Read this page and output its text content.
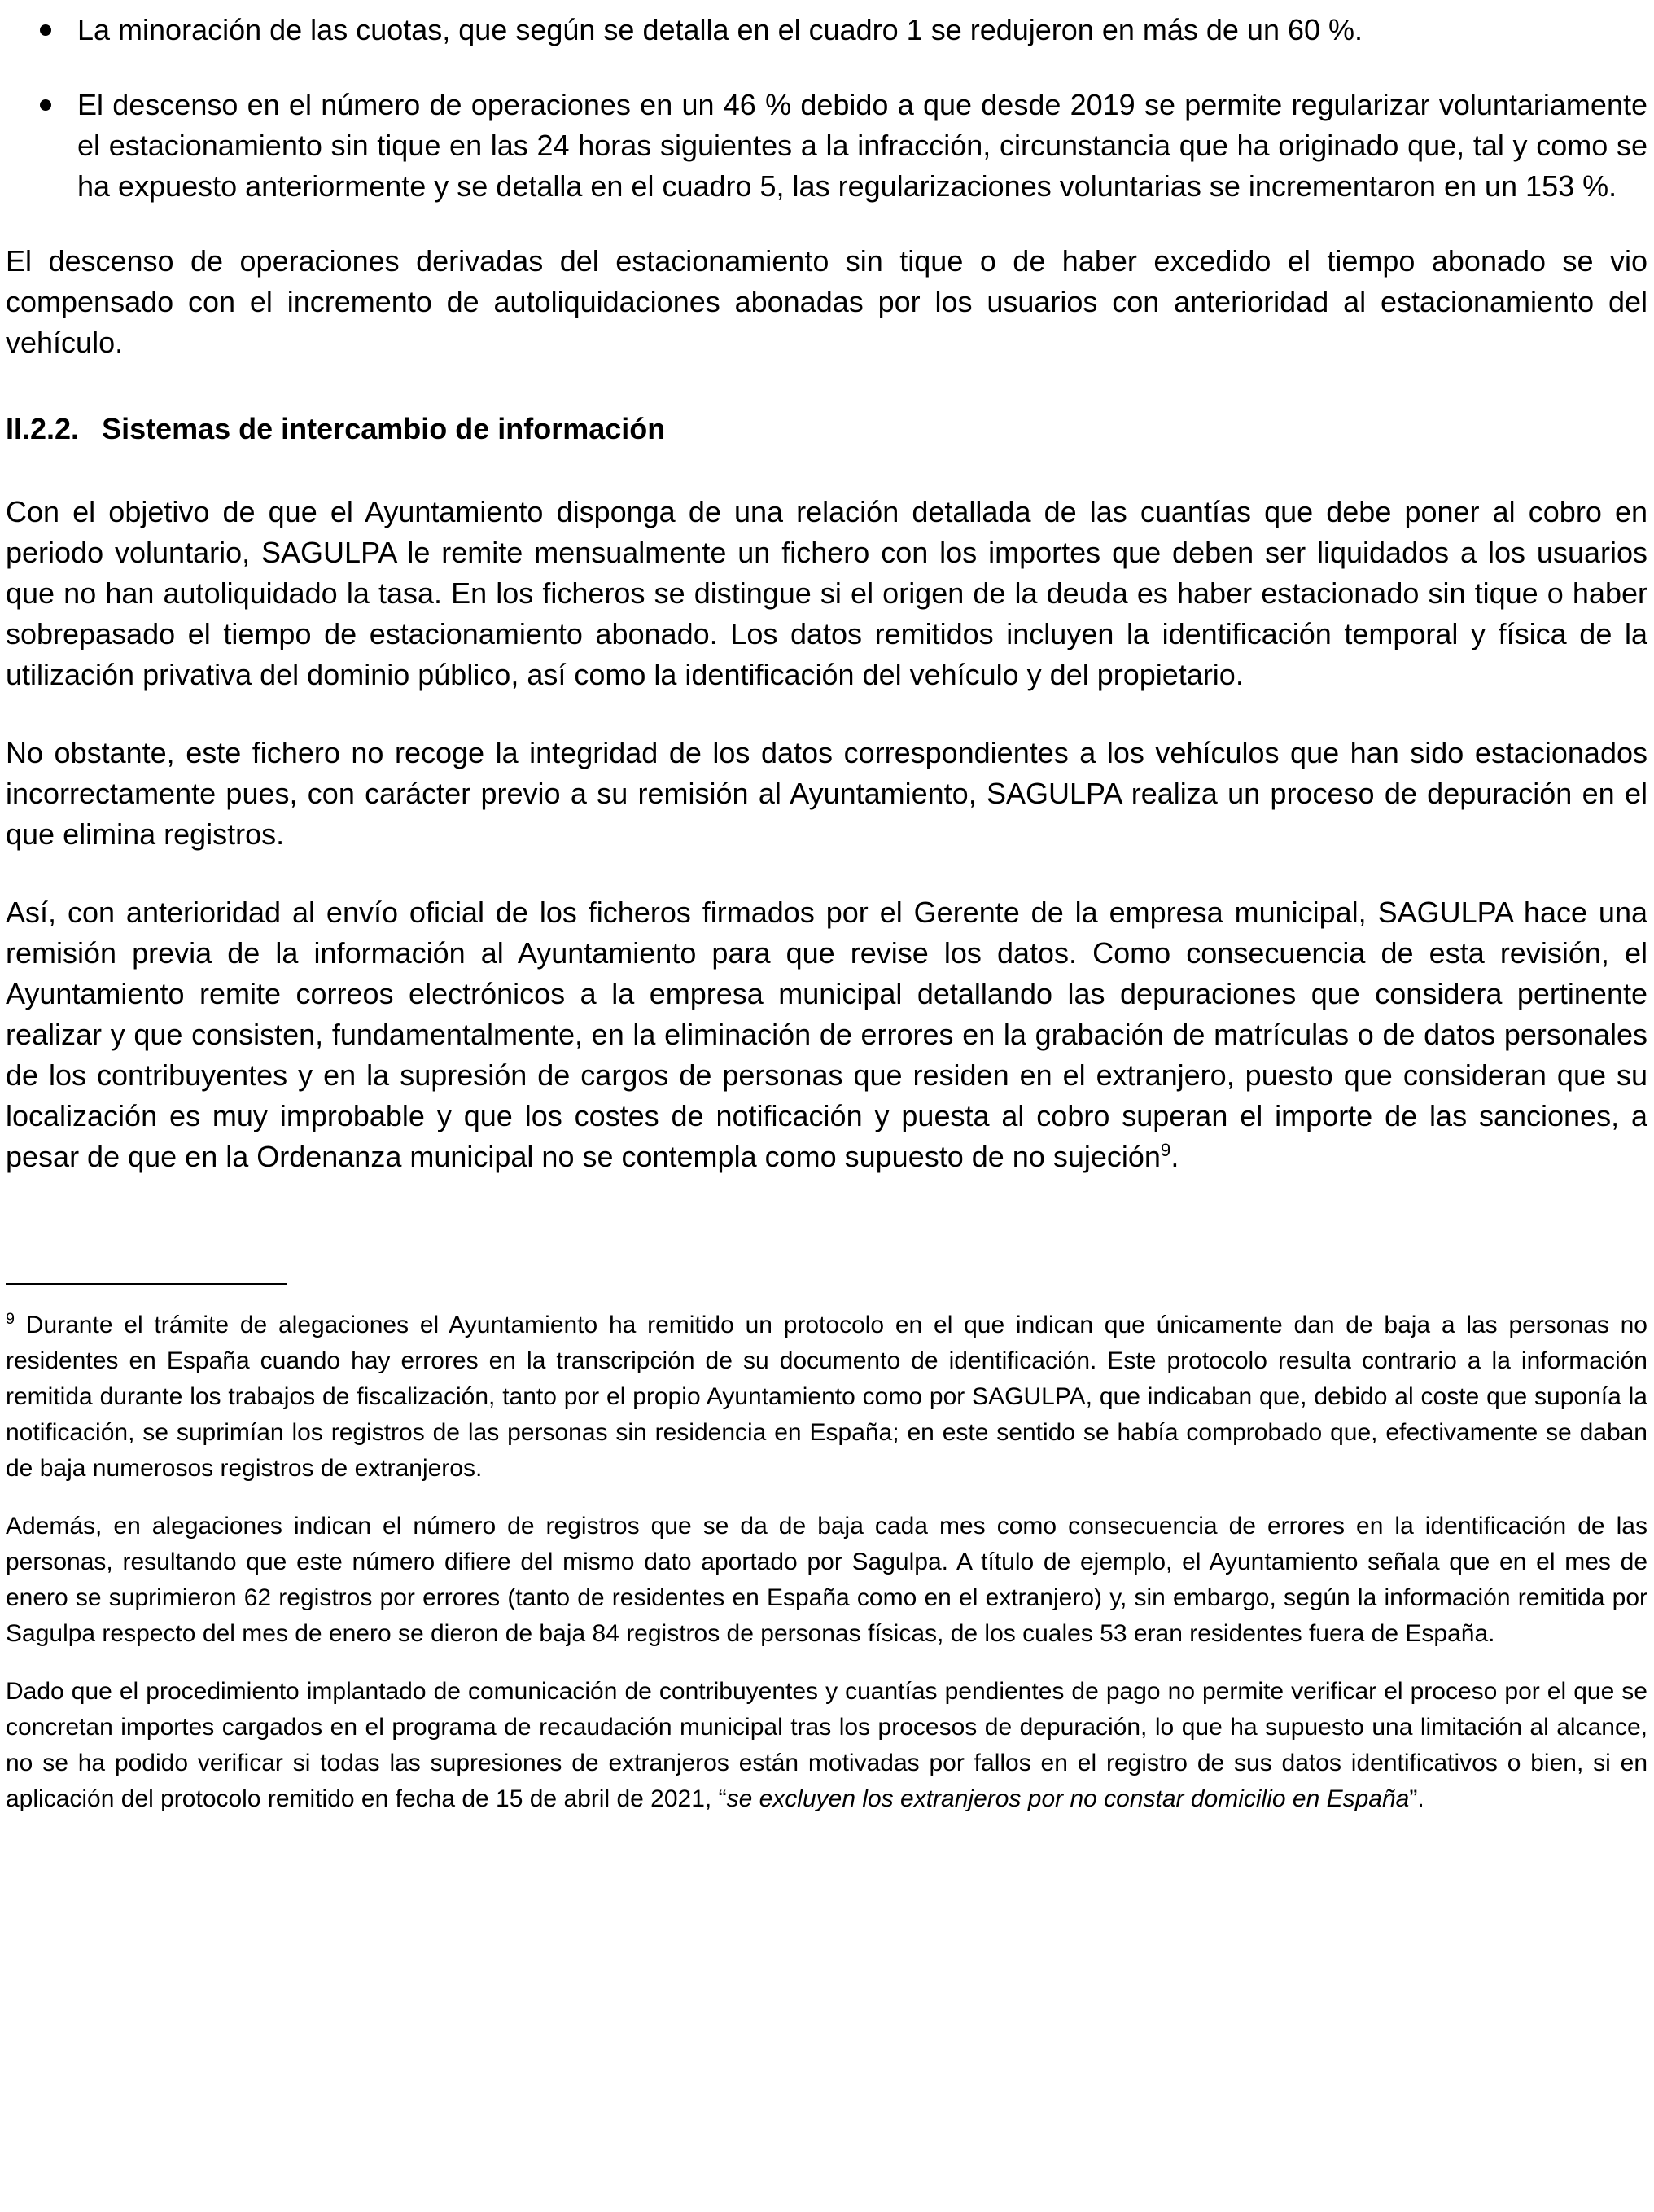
La minoración de las cuotas, que según se detalla en el cuadro 1 se redujeron en más de un 60 %.
El descenso en el número de operaciones en un 46 % debido a que desde 2019 se permite regularizar voluntariamente el estacionamiento sin tique en las 24 horas siguientes a la infracción, circunstancia que ha originado que, tal y como se ha expuesto anteriormente y se detalla en el cuadro 5, las regularizaciones voluntarias se incrementaron en un 153 %.

El descenso de operaciones derivadas del estacionamiento sin tique o de haber excedido el tiempo abonado se vio compensado con el incremento de autoliquidaciones abonadas por los usuarios con anterioridad al estacionamiento del vehículo.

II.2.2. Sistemas de intercambio de información

Con el objetivo de que el Ayuntamiento disponga de una relación detallada de las cuantías que debe poner al cobro en periodo voluntario, SAGULPA le remite mensualmente un fichero con los importes que deben ser liquidados a los usuarios que no han autoliquidado la tasa. En los ficheros se distingue si el origen de la deuda es haber estacionado sin tique o haber sobrepasado el tiempo de estacionamiento abonado. Los datos remitidos incluyen la identificación temporal y física de la utilización privativa del dominio público, así como la identificación del vehículo y del propietario.

No obstante, este fichero no recoge la integridad de los datos correspondientes a los vehículos que han sido estacionados incorrectamente pues, con carácter previo a su remisión al Ayuntamiento, SAGULPA realiza un proceso de depuración en el que elimina registros.

Así, con anterioridad al envío oficial de los ficheros firmados por el Gerente de la empresa municipal, SAGULPA hace una remisión previa de la información al Ayuntamiento para que revise los datos. Como consecuencia de esta revisión, el Ayuntamiento remite correos electrónicos a la empresa municipal detallando las depuraciones que considera pertinente realizar y que consisten, fundamentalmente, en la eliminación de errores en la grabación de matrículas o de datos personales de los contribuyentes y en la supresión de cargos de personas que residen en el extranjero, puesto que consideran que su localización es muy improbable y que los costes de notificación y puesta al cobro superan el importe de las sanciones, a pesar de que en la Ordenanza municipal no se contempla como supuesto de no sujeción$^9$.

$^9$ Durante el trámite de alegaciones el Ayuntamiento ha remitido un protocolo en el que indican que únicamente dan de baja a las personas no residentes en España cuando hay errores en la transcripción de su documento de identificación. Este protocolo resulta contrario a la información remitida durante los trabajos de fiscalización, tanto por el propio Ayuntamiento como por SAGULPA, que indicaban que, debido al coste que suponía la notificación, se suprimían los registros de las personas sin residencia en España; en este sentido se había comprobado que, efectivamente se daban de baja numerosos registros de extranjeros.

Además, en alegaciones indican el número de registros que se da de baja cada mes como consecuencia de errores en la identificación de las personas, resultando que este número difiere del mismo dato aportado por Sagulpa. A título de ejemplo, el Ayuntamiento señala que en el mes de enero se suprimieron 62 registros por errores (tanto de residentes en España como en el extranjero) y, sin embargo, según la información remitida por Sagulpa respecto del mes de enero se dieron de baja 84 registros de personas físicas, de los cuales 53 eran residentes fuera de España.

Dado que el procedimiento implantado de comunicación de contribuyentes y cuantías pendientes de pago no permite verificar el proceso por el que se concretan importes cargados en el programa de recaudación municipal tras los procesos de depuración, lo que ha supuesto una limitación al alcance, no se ha podido verificar si todas las supresiones de extranjeros están motivadas por fallos en el registro de sus datos identificativos o bien, si en aplicación del protocolo remitido en fecha de 15 de abril de 2021, “se excluyen los extranjeros por no constar domicilio en España”.
